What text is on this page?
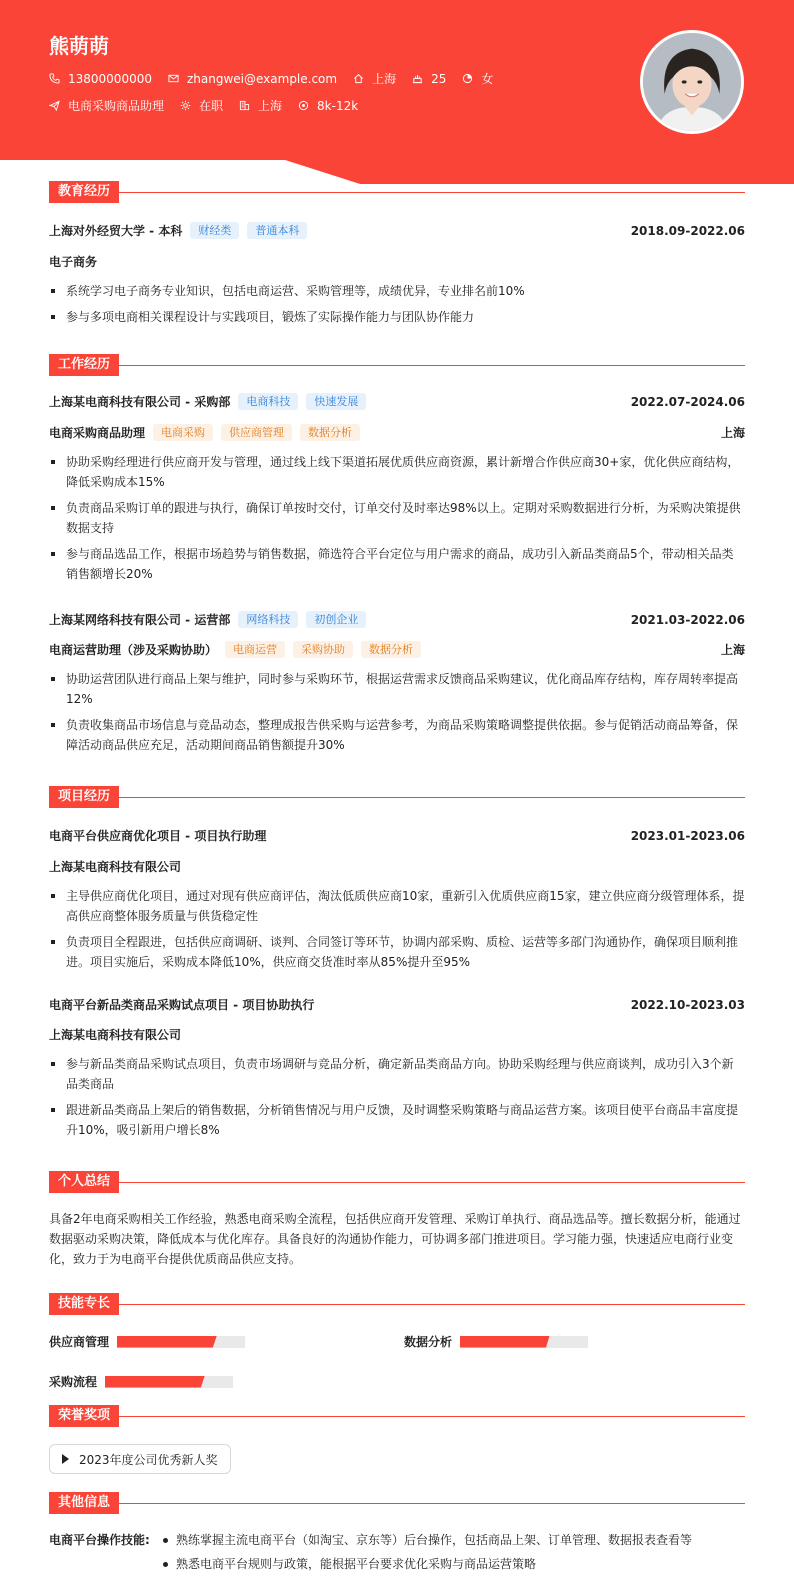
熊萌萌
13800000000	zhangwei@example.com	上海	25	女
电商采购商品助理	在职	上海	8k-12k
教育经历
上海对外经贸大学 - 本科	财经类	普通本科	2018.09-2022.06
电子商务
系统学习电子商务专业知识，包括电商运营、采购管理等，成绩优异，专业排名前10%
参与多项电商相关课程设计与实践项目，锻炼了实际操作能力与团队协作能力
工作经历
上海某电商科技有限公司 - 采购部	电商科技	快速发展	2022.07-2024.06
电商采购商品助理	电商采购	供应商管理	数据分析	上海
协助采购经理进行供应商开发与管理，通过线上线下渠道拓展优质供应商资源，累计新增合作供应商30+家，优化供应商结构，降低采购成本15%
负责商品采购订单的跟进与执行，确保订单按时交付，订单交付及时率达98%以上。定期对采购数据进行分析，为采购决策提供数据支持
参与商品选品工作，根据市场趋势与销售数据，筛选符合平台定位与用户需求的商品，成功引入新品类商品5个，带动相关品类销售额增长20%
上海某网络科技有限公司 - 运营部	网络科技	初创企业	2021.03-2022.06
电商运营助理（涉及采购协助）	电商运营	采购协助	数据分析	上海
协助运营团队进行商品上架与维护，同时参与采购环节，根据运营需求反馈商品采购建议，优化商品库存结构，库存周转率提高12%
负责收集商品市场信息与竞品动态，整理成报告供采购与运营参考，为商品采购策略调整提供依据。参与促销活动商品筹备，保障活动商品供应充足，活动期间商品销售额提升30%
项目经历
电商平台供应商优化项目 - 项目执行助理	2023.01-2023.06
上海某电商科技有限公司
主导供应商优化项目，通过对现有供应商评估，淘汰低质供应商10家，重新引入优质供应商15家，建立供应商分级管理体系，提高供应商整体服务质量与供货稳定性
负责项目全程跟进，包括供应商调研、谈判、合同签订等环节，协调内部采购、质检、运营等多部门沟通协作，确保项目顺利推进。项目实施后，采购成本降低10%，供应商交货准时率从85%提升至95%
电商平台新品类商品采购试点项目 - 项目协助执行	2022.10-2023.03
上海某电商科技有限公司
参与新品类商品采购试点项目，负责市场调研与竞品分析，确定新品类商品方向。协助采购经理与供应商谈判，成功引入3个新品类商品
跟进新品类商品上架后的销售数据，分析销售情况与用户反馈，及时调整采购策略与商品运营方案。该项目使平台商品丰富度提升10%，吸引新用户增长8%
个人总结
具备2年电商采购相关工作经验，熟悉电商采购全流程，包括供应商开发管理、采购订单执行、商品选品等。擅长数据分析，能通过数据驱动采购决策，降低成本与优化库存。具备良好的沟通协作能力，可协调多部门推进项目。学习能力强，快速适应电商行业变化，致力于为电商平台提供优质商品供应支持。
技能专长
供应商管理	数据分析
采购流程
荣誉奖项
2023年度公司优秀新人奖
其他信息
电商平台操作技能:	熟练掌握主流电商平台（如淘宝、京东等）后台操作，包括商品上架、订单管理、数据报表查看等
熟悉电商平台规则与政策，能根据平台要求优化采购与商品运营策略
